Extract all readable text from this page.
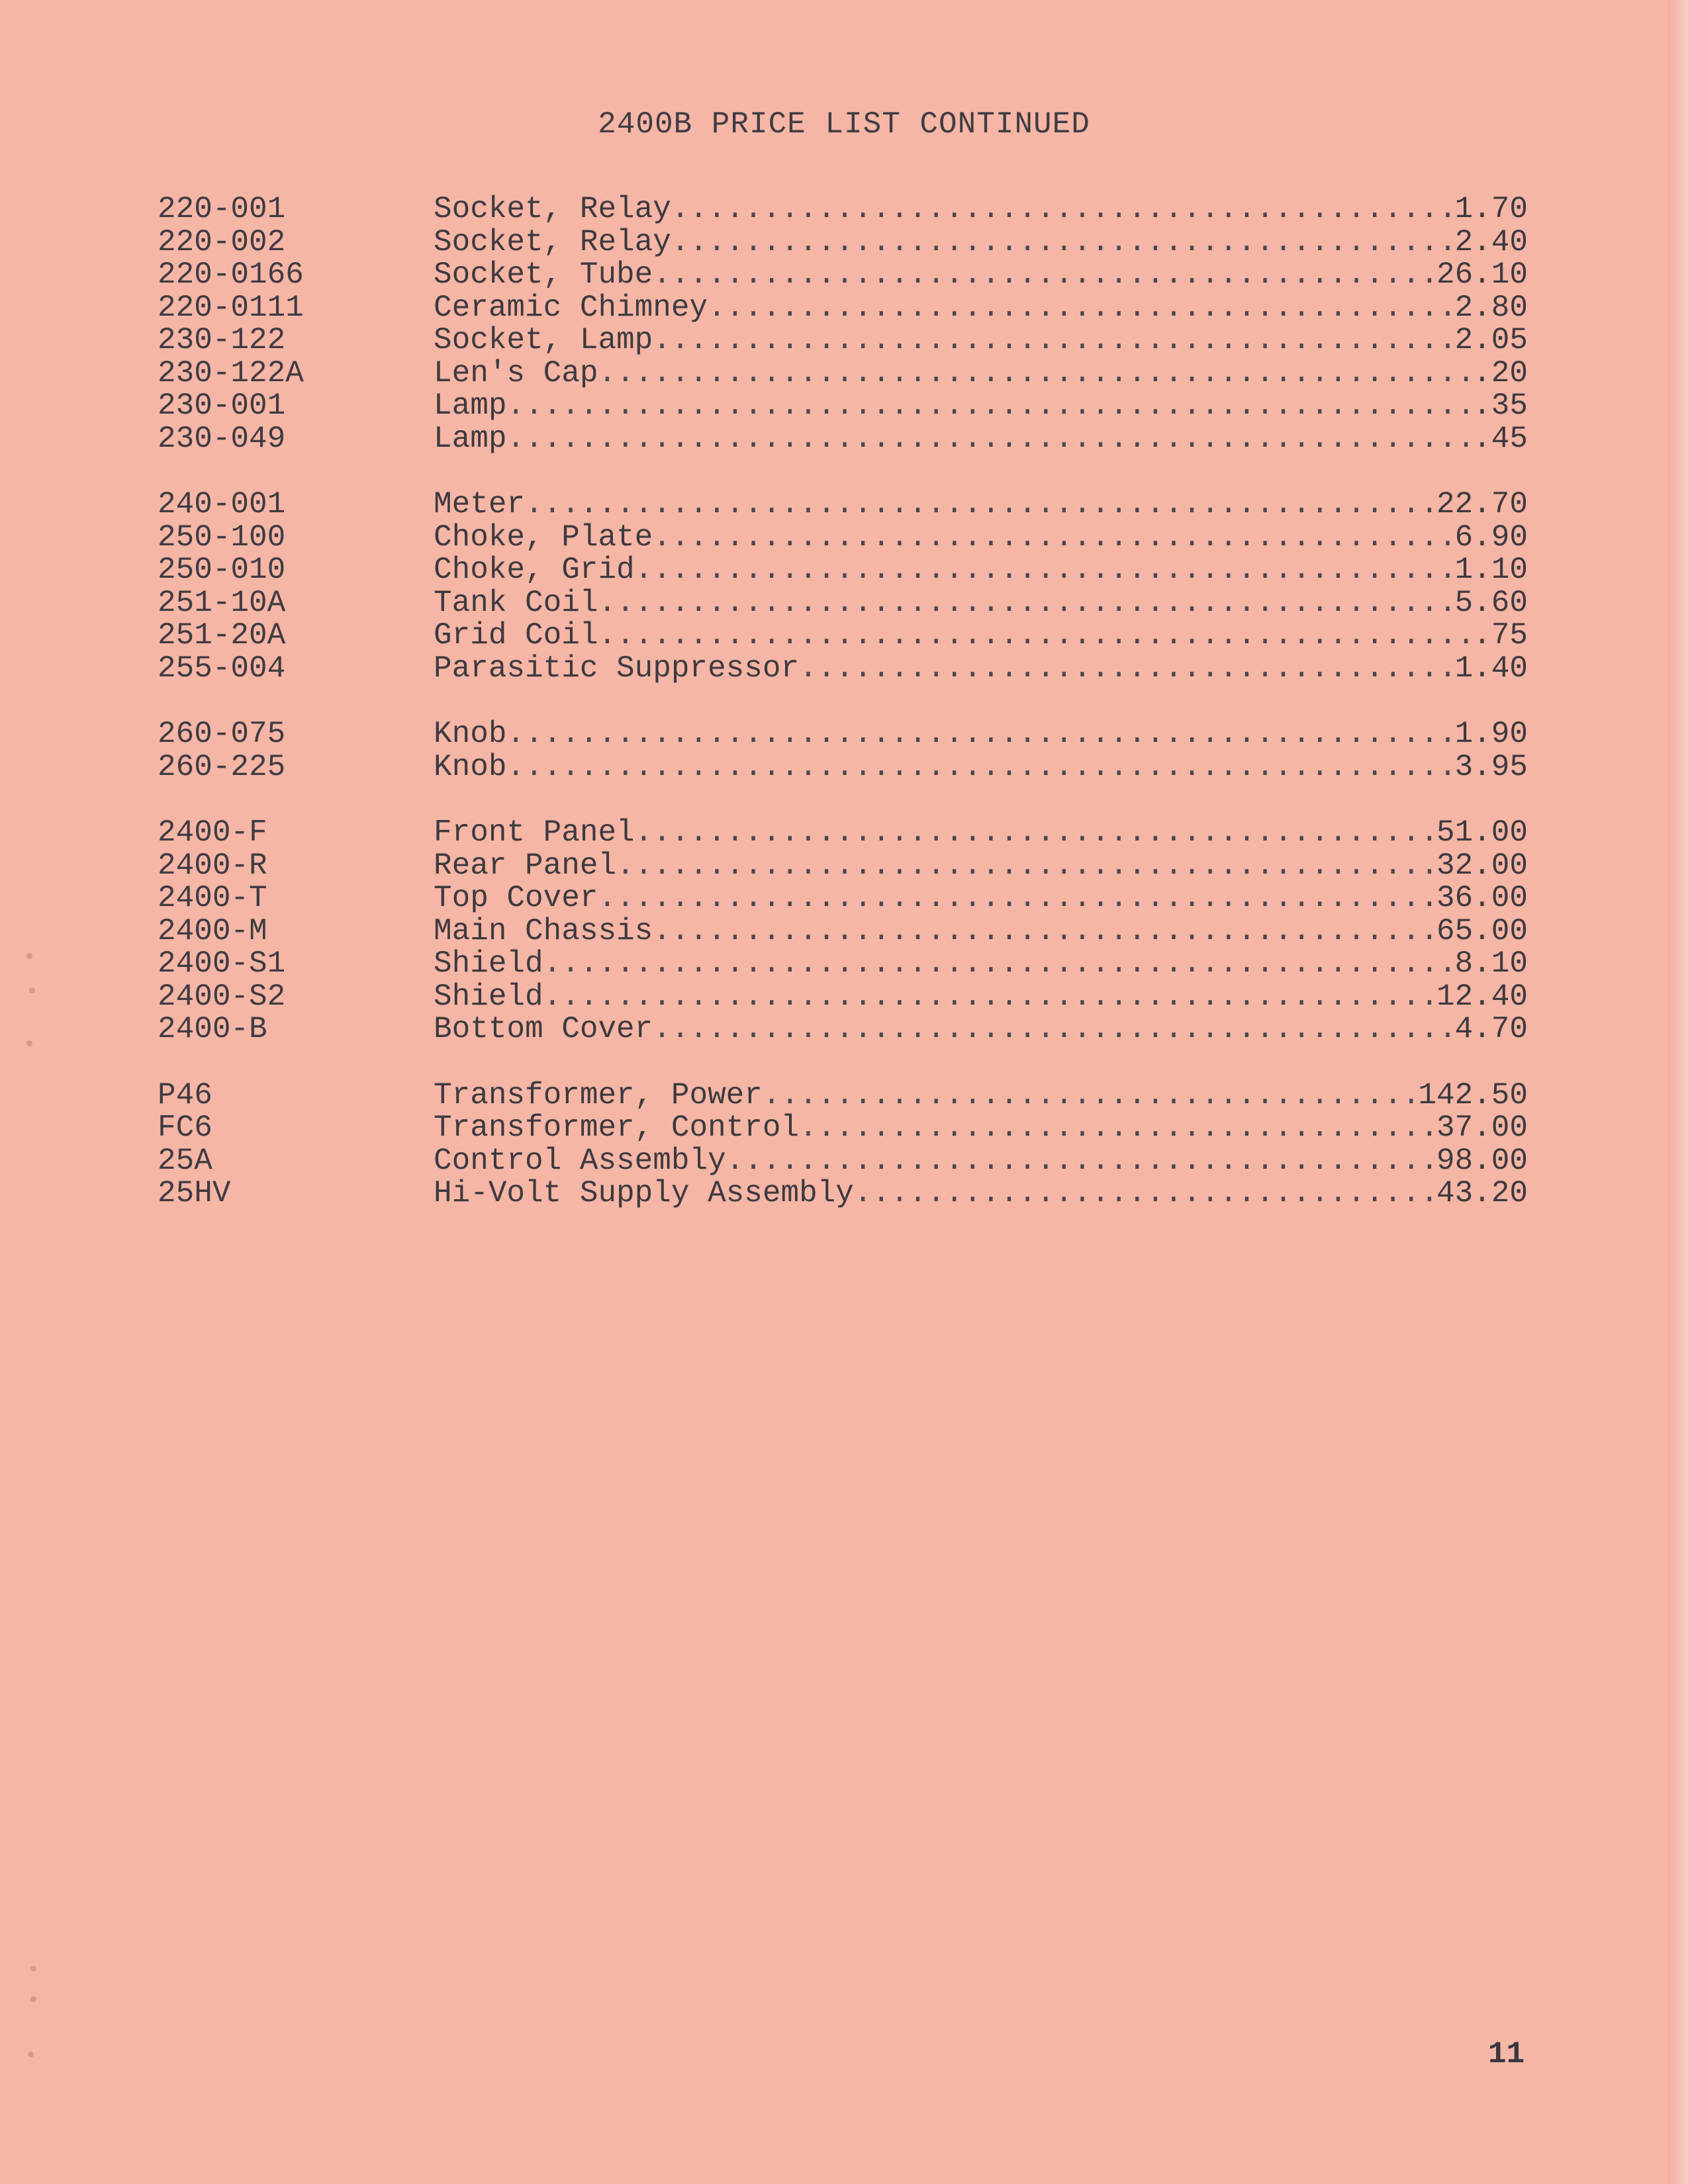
2400B PRICE LIST CONTINUED
220-001	Socket, Relay .....	1.70
220-002	Socket, Relay .....	2.40
220-0166	Socket, Tube .....	26.10
220-0111	Ceramic Chimney .....	2.80
230-122	Socket, Lamp .....	2.05
230-122A	Len's Cap .....	.20
230-001	Lamp .....	.35
230-049	Lamp .....	.45
240-001	Meter .....	22.70
250-100	Choke, Plate .....	6.90
250-010	Choke, Grid .....	1.10
251-10A	Tank Coil .....	5.60
251-20A	Grid Coil .....	.75
255-004	Parasitic Suppressor .....	1.40
260-075	Knob .....	1.90
260-225	Knob .....	3.95
2400-F	Front Panel .....	51.00
2400-R	Rear Panel .....	32.00
2400-T	Top Cover .....	36.00
2400-M	Main Chassis .....	65.00
2400-S1	Shield .....	8.10
2400-S2	Shield .....	12.40
2400-B	Bottom Cover .....	4.70
P46	Transformer, Power .....	142.50
FC6	Transformer, Control .....	37.00
25A	Control Assembly .....	98.00
25HV	Hi-Volt Supply Assembly .....	43.20
11
